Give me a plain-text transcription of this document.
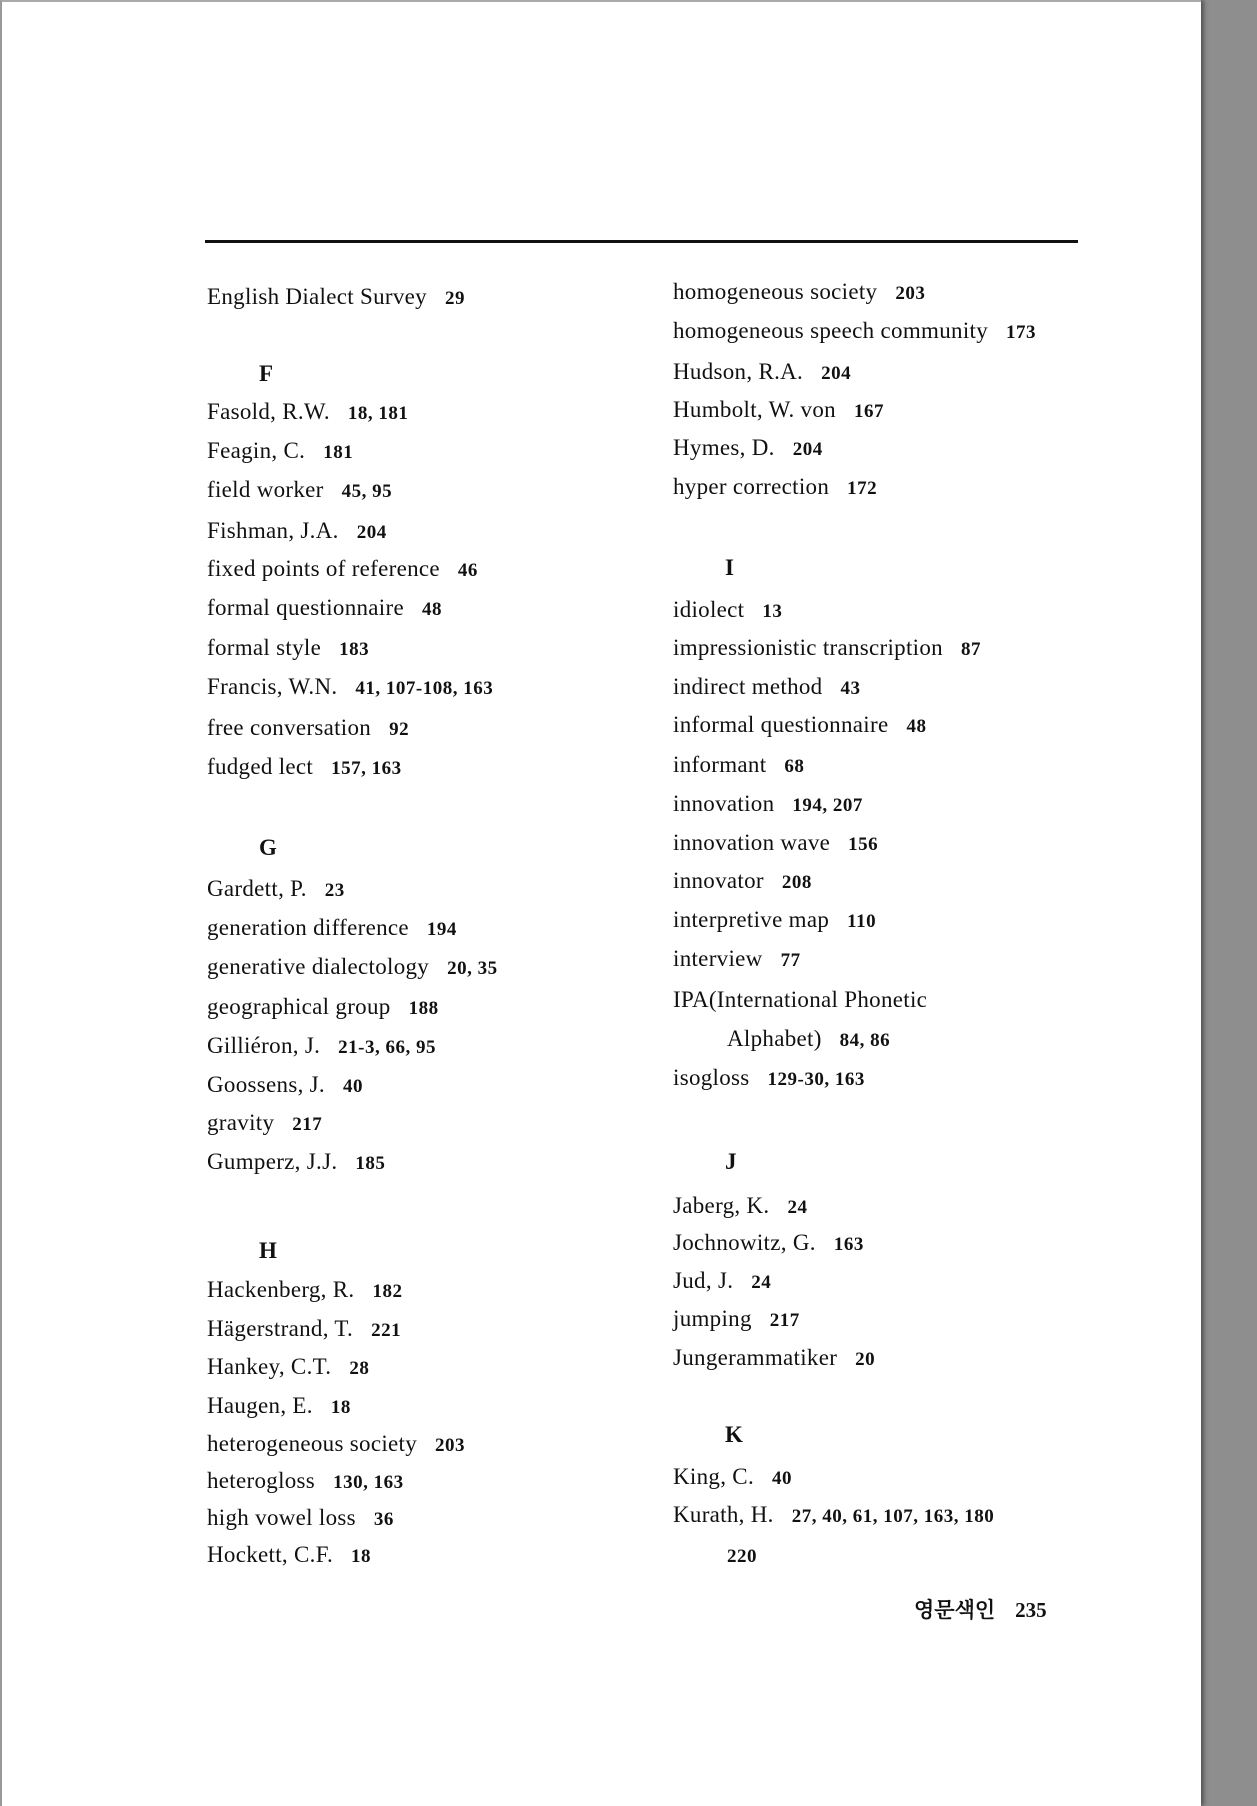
English Dialect Survey 29
F
Fasold, R.W. 18, 181
Feagin, C. 181
field worker 45, 95
Fishman, J.A. 204
fixed points of reference 46
formal questionnaire 48
formal style 183
Francis, W.N. 41, 107-108, 163
free conversation 92
fudged lect 157, 163
G
Gardett, P. 23
generation difference 194
generative dialectology 20, 35
geographical group 188
Gilliéron, J. 21-3, 66, 95
Goossens, J. 40
gravity 217
Gumperz, J.J. 185
H
Hackenberg, R. 182
Hägerstrand, T. 221
Hankey, C.T. 28
Haugen, E. 18
heterogeneous society 203
heterogloss 130, 163
high vowel loss 36
Hockett, C.F. 18
homogeneous society 203
homogeneous speech community 173
Hudson, R.A. 204
Humbolt, W. von 167
Hymes, D. 204
hyper correction 172
I
idiolect 13
impressionistic transcription 87
indirect method 43
informal questionnaire 48
informant 68
innovation 194, 207
innovation wave 156
innovator 208
interpretive map 110
interview 77
IPA(International Phonetic
Alphabet) 84, 86
isogloss 129-30, 163
J
Jaberg, K. 24
Jochnowitz, G. 163
Jud, J. 24
jumping 217
Jungerammatiker 20
K
King, C. 40
Kurath, H. 27, 40, 61, 107, 163, 180
220
영문색인 235
